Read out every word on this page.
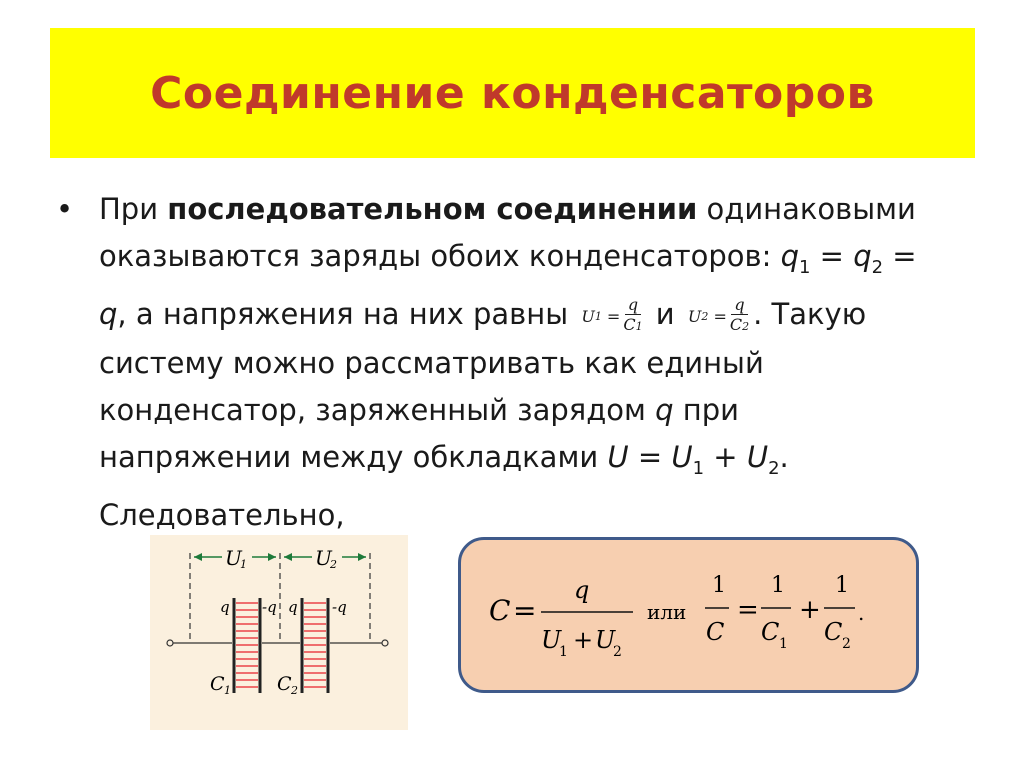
Соединение конденсаторов
• При последовательном соединении одинаковыми оказываются заряды обоих конденсаторов: $q_1 = q_2 = q$, а напряжения на них равны U 1
= $\frac{q}{C1}$ и U 2
= $\frac{q}{C2}$ . Такую систему можно рассматривать как единый конденсатор, заряженный зарядом q при напряжении между обкладками $U = U_1 + U_2$. Следовательно,
U
1	U
2
q -q q -q
C 1 C 2
C =
q
U
1 + U
2
или
1
C
=
1
C 1
+
1
C 2
.
